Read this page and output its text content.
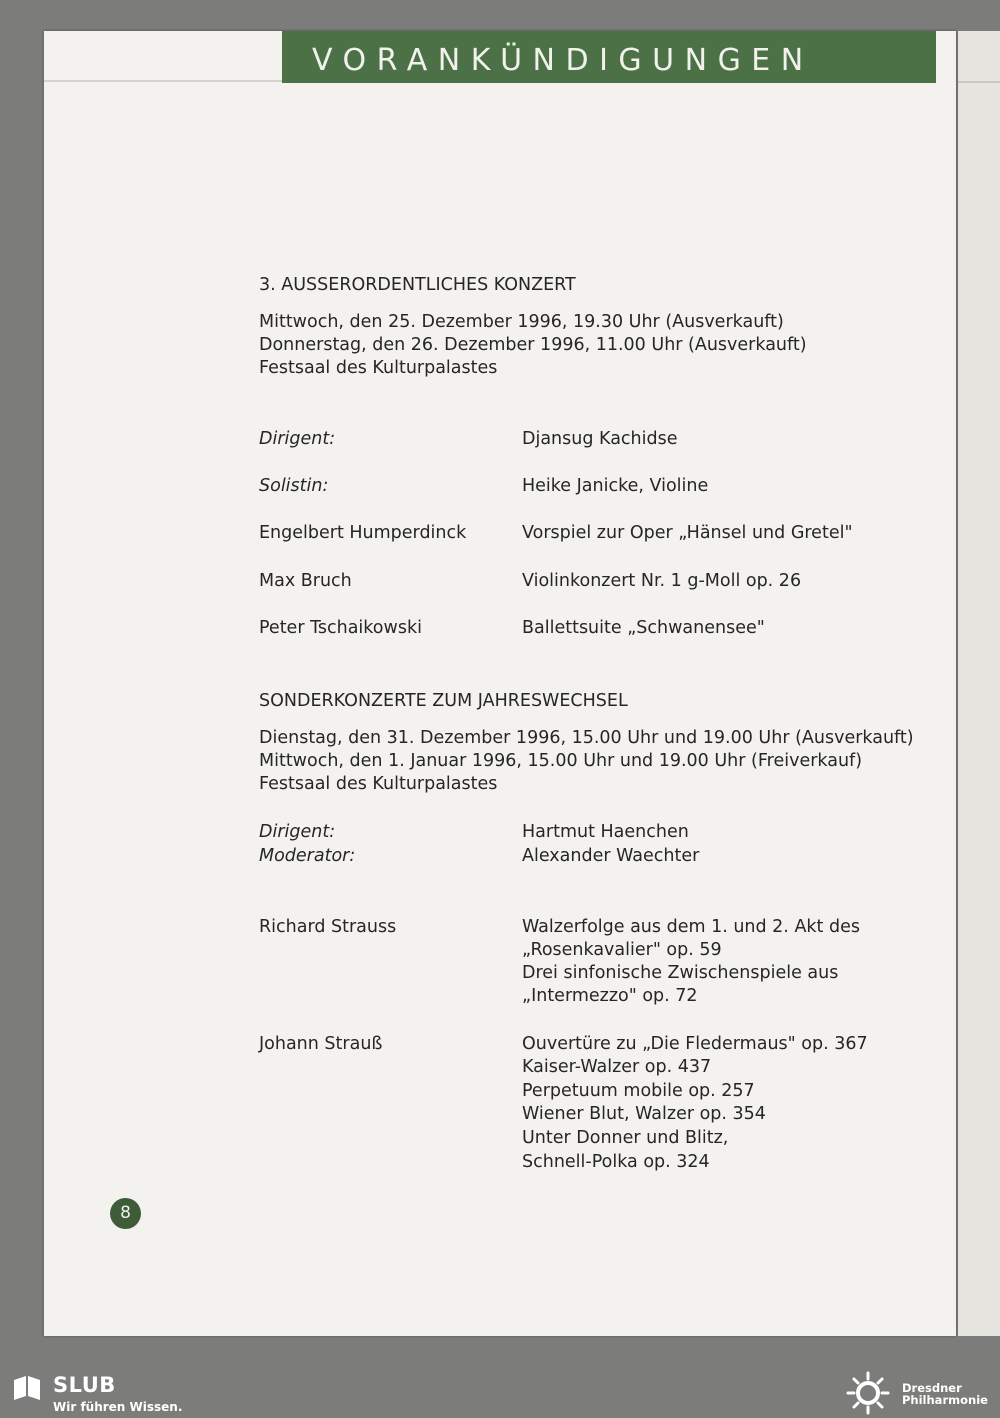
VORANKÜNDIGUNGEN
3. AUSSERORDENTLICHES KONZERT
Mittwoch, den 25. Dezember 1996, 19.30 Uhr (Ausverkauft)
Donnerstag, den 26. Dezember 1996, 11.00 Uhr (Ausverkauft)
Festsaal des Kulturpalastes
Dirigent:	Djansug Kachidse
Solistin:	Heike Janicke, Violine
Engelbert Humperdinck	Vorspiel zur Oper „Hänsel und Gretel"
Max Bruch	Violinkonzert Nr. 1 g-Moll op. 26
Peter Tschaikowski	Ballettsuite „Schwanensee"
SONDERKONZERTE ZUM JAHRESWECHSEL
Dienstag, den 31. Dezember 1996, 15.00 Uhr und 19.00 Uhr (Ausverkauft)
Mittwoch, den 1. Januar 1996, 15.00 Uhr und 19.00 Uhr (Freiverkauf)
Festsaal des Kulturpalastes
Dirigent:	Hartmut Haenchen
Moderator:	Alexander Waechter
Richard Strauss	Walzerfolge aus dem 1. und 2. Akt des
„Rosenkavalier" op. 59
Drei sinfonische Zwischenspiele aus
„Intermezzo" op. 72
Johann Strauß	Ouvertüre zu „Die Fledermaus" op. 367
Kaiser-Walzer op. 437
Perpetuum mobile op. 257
Wiener Blut, Walzer op. 354
Unter Donner und Blitz,
Schnell-Polka op. 324
8
SLUB
Wir führen Wissen.
Dresdner
Philharmonie
